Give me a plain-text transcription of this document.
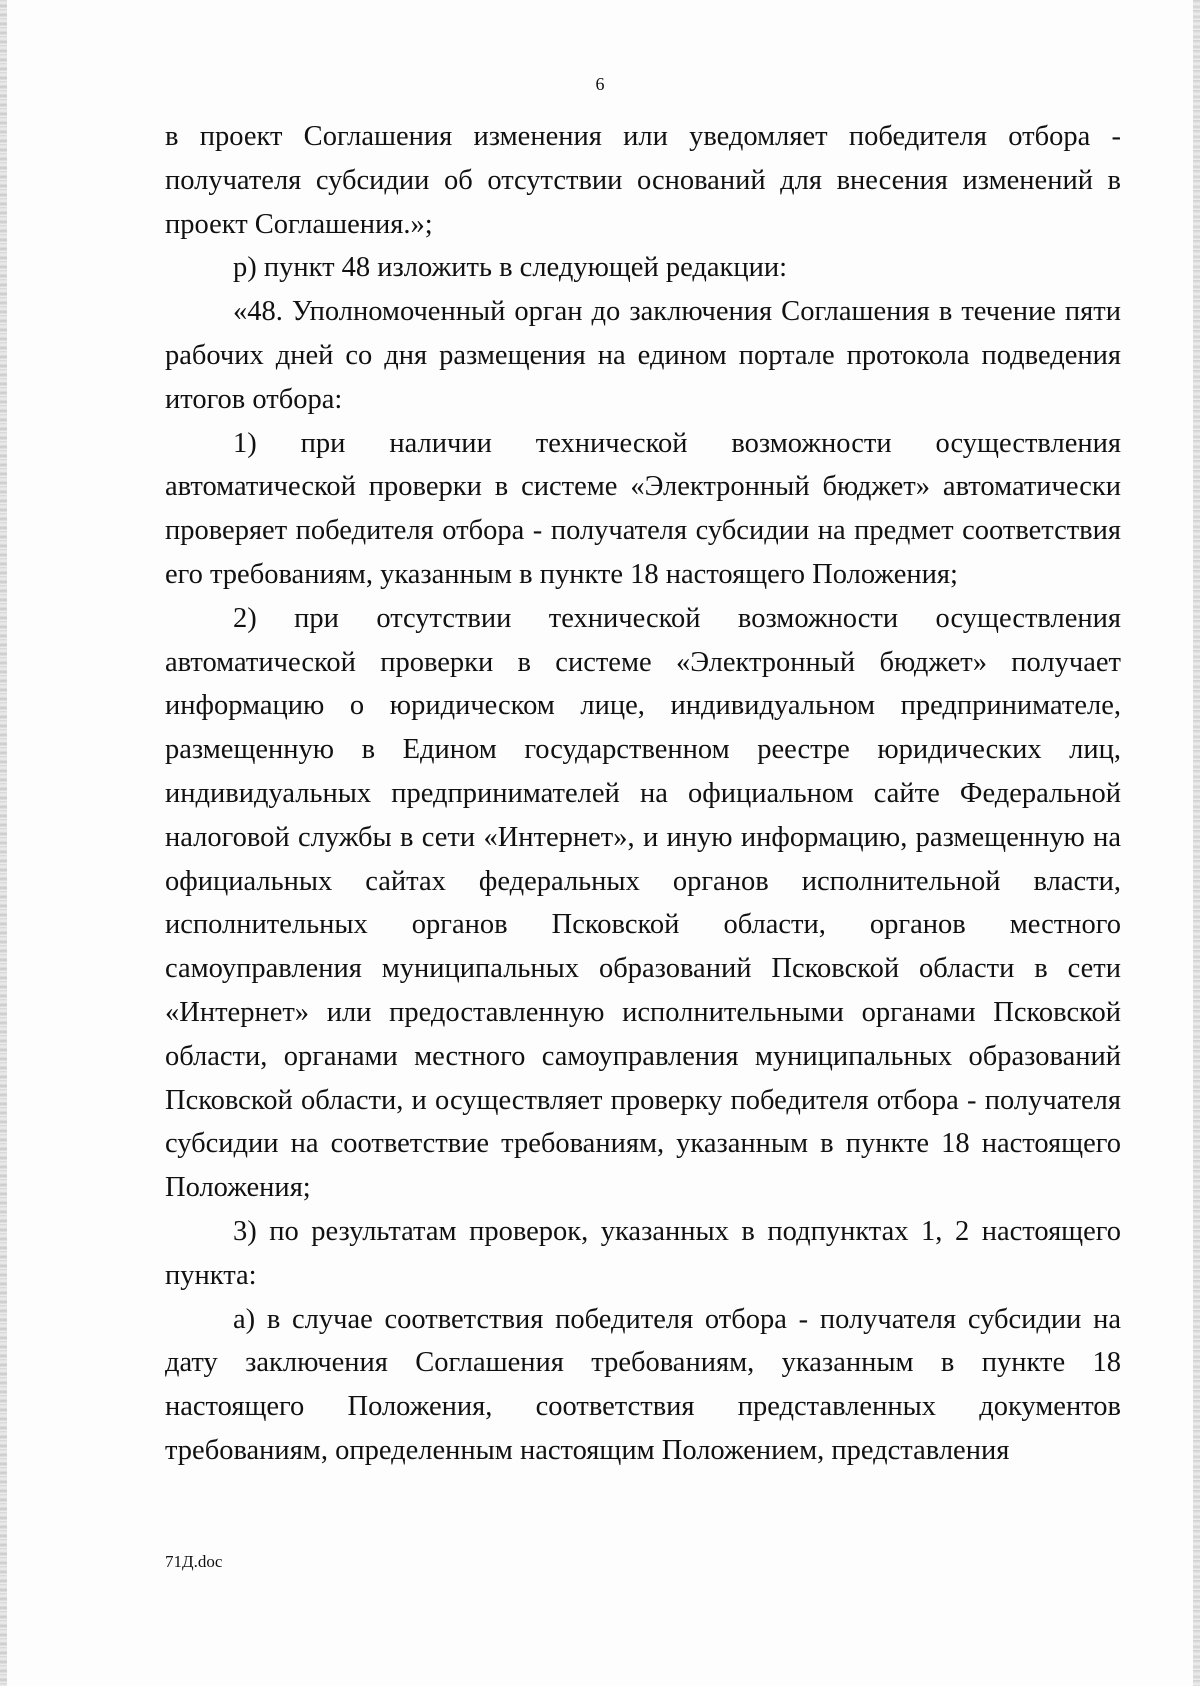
6

в проект Соглашения изменения или уведомляет победителя отбора - получателя субсидии об отсутствии оснований для внесения изменений в проект Соглашения.»;

р) пункт 48 изложить в следующей редакции:

«48. Уполномоченный орган до заключения Соглашения в течение пяти рабочих дней со дня размещения на едином портале протокола подведения итогов отбора:

1) при наличии технической возможности осуществления автоматической проверки в системе «Электронный бюджет» автоматически проверяет победителя отбора - получателя субсидии на предмет соответствия его требованиям, указанным в пункте 18 настоящего Положения;

2) при отсутствии технической возможности осуществления автоматической проверки в системе «Электронный бюджет» получает информацию о юридическом лице, индивидуальном предпринимателе, размещенную в Едином государственном реестре юридических лиц, индивидуальных предпринимателей на официальном сайте Федеральной налоговой службы в сети «Интернет», и иную информацию, размещенную на официальных сайтах федеральных органов исполнительной власти, исполнительных органов Псковской области, органов местного самоуправления муниципальных образований Псковской области в сети «Интернет» или предоставленную исполнительными органами Псковской области, органами местного самоуправления муниципальных образований Псковской области, и осуществляет проверку победителя отбора - получателя субсидии на соответствие требованиям, указанным в пункте 18 настоящего Положения;

3) по результатам проверок, указанных в подпунктах 1, 2 настоящего пункта:

а) в случае соответствия победителя отбора - получателя субсидии на дату заключения Соглашения требованиям, указанным в пункте 18 настоящего Положения, соответствия представленных документов требованиям, определенным настоящим Положением, представления

71Д.doc
